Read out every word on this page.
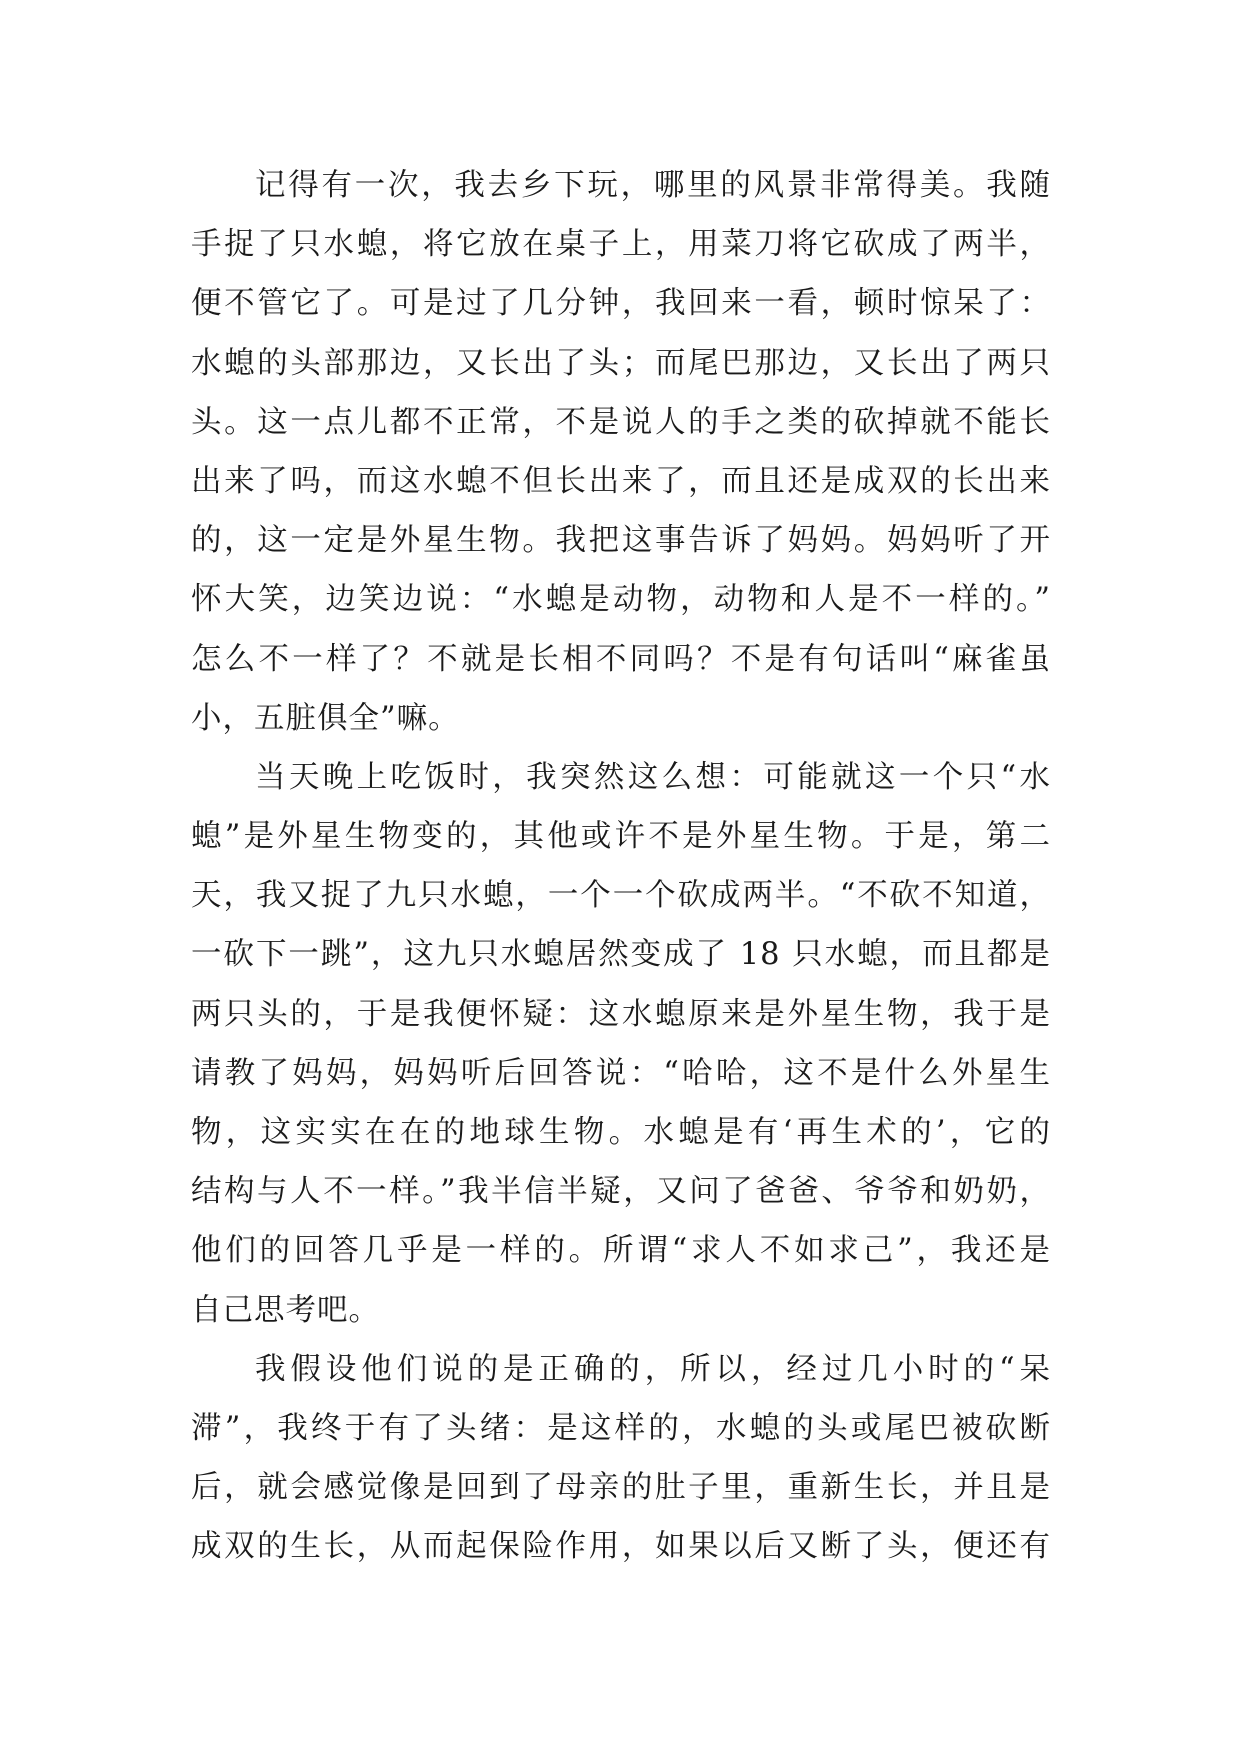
记得有一次，我去乡下玩，哪里的风景非常得美。我随
手捉了只水螅，将它放在桌子上，用菜刀将它砍成了两半，
便不管它了。可是过了几分钟，我回来一看，顿时惊呆了：
水螅的头部那边，又长出了头；而尾巴那边，又长出了两只
头。这一点儿都不正常，不是说人的手之类的砍掉就不能长
出来了吗，而这水螅不但长出来了，而且还是成双的长出来
的，这一定是外星生物。我把这事告诉了妈妈。妈妈听了开
怀大笑，边笑边说：“水螅是动物，动物和人是不一样的。”
怎么不一样了？不就是长相不同吗？不是有句话叫“麻雀虽
小，五脏俱全”嘛。
当天晚上吃饭时，我突然这么想：可能就这一个只“水
螅”是外星生物变的，其他或许不是外星生物。于是，第二
天，我又捉了九只水螅，一个一个砍成两半。“不砍不知道，
一砍下一跳”，这九只水螅居然变成了 18 只水螅，而且都是
两只头的，于是我便怀疑：这水螅原来是外星生物，我于是
请教了妈妈，妈妈听后回答说：“哈哈，这不是什么外星生
物，这实实在在的地球生物。水螅是有‘再生术的’，它的
结构与人不一样。”我半信半疑，又问了爸爸、爷爷和奶奶，
他们的回答几乎是一样的。所谓“求人不如求己”，我还是
自己思考吧。
我假设他们说的是正确的，所以，经过几小时的“呆
滞”，我终于有了头绪：是这样的，水螅的头或尾巴被砍断
后，就会感觉像是回到了母亲的肚子里，重新生长，并且是
成双的生长，从而起保险作用，如果以后又断了头，便还有
